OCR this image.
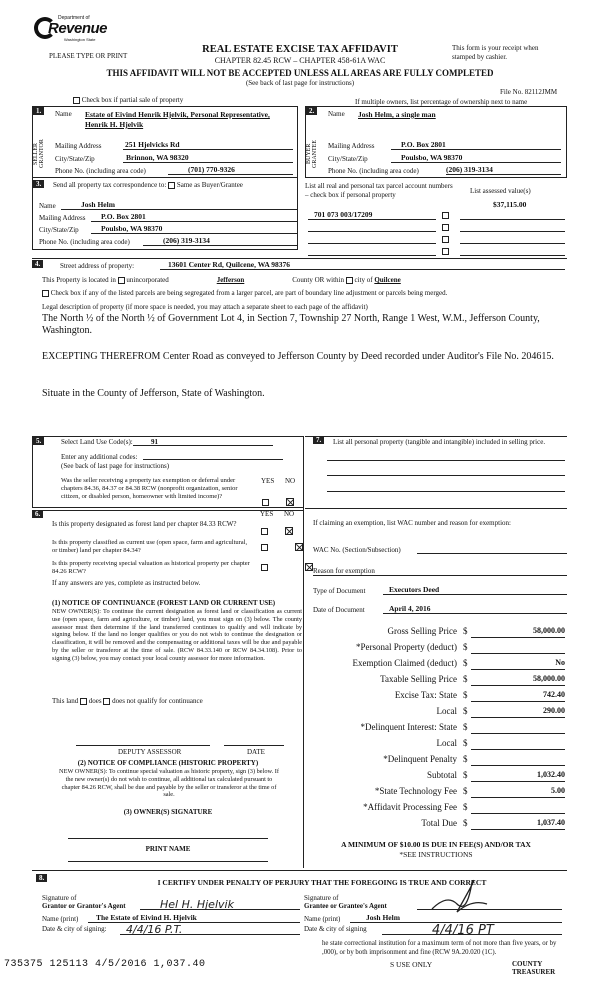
Department of
Revenue
Washington State
PLEASE TYPE OR PRINT
REAL ESTATE EXCISE TAX AFFIDAVIT
CHAPTER 82.45 RCW – CHAPTER 458-61A WAC
This form is your receipt when stamped by cashier.
THIS AFFIDAVIT WILL NOT BE ACCEPTED UNLESS ALL AREAS ARE FULLY COMPLETED
(See back of last page for instructions)
File No. 82112JMM
Check box if partial sale of property	If multiple owners, list percentage of ownership next to name
1.
SELLER GRANTOR
Name Estate of Eivind Henrik Hjelvik, Personal Representative, Henrik H. Hjelvik
Mailing Address	251 Hjelvicks Rd
City/State/Zip	Brinnon, WA 98320
Phone No. (including area code)	(701) 770-9326
2.
BUYER GRANTEE
Name Josh Helm, a single man
Mailing Address	P.O. Box 2801
City/State/Zip	Poulsbo, WA 98370
Phone No. (including area code)	(206) 319-3134
3.	Send all property tax correspondence to: Same as Buyer/Grantee
Name	Josh Helm
Mailing Address	P.O. Box 2801
City/State/Zip	Poulsbo, WA 98370
Phone No. (including area code)	(206) 319-3134
List all real and personal tax parcel account numbers – check box if personal property	List assessed value(s)
$37,115.00
701 073 003/17209
4.	Street address of property:	13601 Center Rd, Quilcene, WA 98376
This Property is located in unincorporated	Jefferson	County OR within city of Quilcene
Check box if any of the listed parcels are being segregated from a larger parcel, are part of boundary line adjustment or parcels being merged.
Legal description of property (if more space is needed, you may attach a separate sheet to each page of the affidavit)
The North ½ of the North ½ of Government Lot 4, in Section 7, Township 27 North, Range 1 West, W.M., Jefferson County, Washington.
EXCEPTING THEREFROM Center Road as conveyed to Jefferson County by Deed recorded under Auditor's File No. 204615.
Situate in the County of Jefferson, State of Washington.
5.	Select Land Use Code(s):	91
Enter any additional codes:
(See back of last page for instructions)
Was the seller receiving a property tax exemption or deferral under chapters 84.36, 84.37 or 84.38 RCW (nonprofit organization, senior citizen, or disabled person, homeowner with limited income)?
YES NO
6.	YES NO
Is this property designated as forest land per chapter 84.33 RCW?

Is this property classified as current use (open space, farm and agricultural, or timber) land per chapter 84.34?

Is this property receiving special valuation as historical property per chapter 84.26 RCW?
If any answers are yes, complete as instructed below.
(1) NOTICE OF CONTINUANCE (FOREST LAND OR CURRENT USE)
NEW OWNER(S): To continue the current designation as forest land or classification as current use (open space, farm and agriculture, or timber) land, you must sign on (3) below. The county assessor must then determine if the land transferred continues to qualify and will indicate by signing below. If the land no longer qualifies or you do not wish to continue the designation or classification, it will be removed and the compensating or additional taxes will be due and payable by the seller or transferor at the time of sale. (RCW 84.33.140 or RCW 84.34.108). Prior to signing (3) below, you may contact your local county assessor for more information.
This land does does not qualify for continuance
DEPUTY ASSESSOR	DATE
(2) NOTICE OF COMPLIANCE (HISTORIC PROPERTY)
NEW OWNER(S): To continue special valuation as historic property, sign (3) below. If the new owner(s) do not wish to continue, all additional tax calculated pursuant to chapter 84.26 RCW, shall be due and payable by the seller or transferor at the time of sale.
(3) OWNER(S) SIGNATURE
PRINT NAME
7.	List all personal property (tangible and intangible) included in selling price.
If claiming an exemption, list WAC number and reason for exemption:
WAC No. (Section/Subsection)
Reason for exemption
Type of Document	Executors Deed
Date of Document	April 4, 2016
Gross Selling Price $	58,000.00
*Personal Property (deduct) $
Exemption Claimed (deduct) $	No
Taxable Selling Price $	58,000.00
Excise Tax: State $	742.40
Local $	290.00
*Delinquent Interest: State $
Local $
*Delinquent Penalty $
Subtotal $	1,032.40
*State Technology Fee $	5.00
*Affidavit Processing Fee $
Total Due $	1,037.40
A MINIMUM OF $10.00 IS DUE IN FEE(S) AND/OR TAX
*SEE INSTRUCTIONS
8.	I CERTIFY UNDER PENALTY OF PERJURY THAT THE FOREGOING IS TRUE AND CORRECT
Signature of
Grantor or Grantor's Agent	Hel H. Hjelvik
Name (print)	The Estate of Eivind H. Hjelvik
Date & city of signing:	4/4/16 P.T.
Signature of
Grantee or Grantee's Agent
Name (print)	Josh Helm
Date & city of signing	4/4/16 PT
he state correctional institution for a maximum term of not more than five years, or by
,000), or by both imprisonment and fine (RCW 9A.20.020 (1C).
S USE ONLY	COUNTY TREASURER
735375 125113 4/5/2016 1,037.40
